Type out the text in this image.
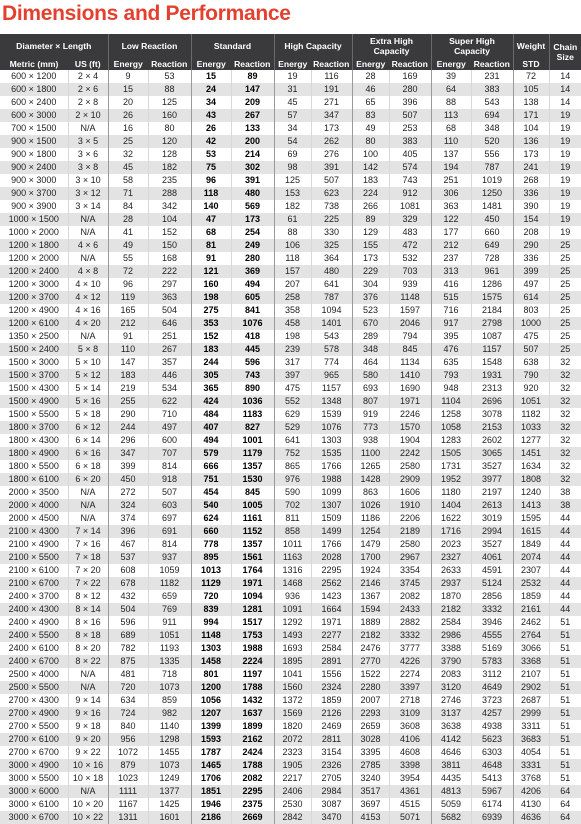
Dimensions and Performance
Diameter × Length		Low Reaction		Standard		High Capacity		Extra High Capacity		Super High Capacity		Weight	Chain Size
Metric (mm)	US (ft)	Energy	Reaction	Energy	Reaction	Energy	Reaction	Energy	Reaction	Energy	Reaction	STD	
600 × 1200	2 × 4	9	53	15	89	19	116	28	169	39	231	72	14
600 × 1800	2 × 6	15	88	24	147	31	191	46	280	64	383	105	14
600 × 2400	2 × 8	20	125	34	209	45	271	65	396	88	543	138	14
600 × 3000	2 × 10	26	160	43	267	57	347	83	507	113	694	171	19
700 × 1500	N/A	16	80	26	133	34	173	49	253	68	348	104	19
900 × 1500	3 × 5	25	120	42	200	54	262	80	383	110	520	136	19
900 × 1800	3 × 6	32	128	53	214	69	276	100	405	137	556	173	19
900 × 2400	3 × 8	45	182	75	302	98	391	142	574	194	787	241	19
900 × 3000	3 × 10	58	235	96	391	125	507	183	743	251	1019	268	19
900 × 3700	3 × 12	71	288	118	480	153	623	224	912	306	1250	336	19
900 × 3900	3 × 14	84	342	140	569	182	738	266	1081	363	1481	390	19
1000 × 1500	N/A	28	104	47	173	61	225	89	329	122	450	154	19
1000 × 2000	N/A	41	152	68	254	88	330	129	483	177	660	208	19
1200 × 1800	4 × 6	49	150	81	249	106	325	155	472	212	649	290	25
1200 × 2000	N/A	55	168	91	280	118	364	173	532	237	728	336	25
1200 × 2400	4 × 8	72	222	121	369	157	480	229	703	313	961	399	25
1200 × 3000	4 × 10	96	297	160	494	207	641	304	939	416	1286	497	25
1200 × 3700	4 × 12	119	363	198	605	258	787	376	1148	515	1575	614	25
1200 × 4900	4 × 16	165	504	275	841	358	1094	523	1597	716	2184	803	25
1200 × 6100	4 × 20	212	646	353	1076	458	1401	670	2046	917	2798	1000	25
1350 × 2500	N/A	91	251	152	418	198	543	289	794	395	1087	475	25
1500 × 2400	5 × 8	110	267	183	445	239	578	348	845	476	1157	507	25
1500 × 3000	5 × 10	147	357	244	596	317	774	464	1134	635	1548	638	32
1500 × 3700	5 × 12	183	446	305	743	397	965	580	1410	793	1931	790	32
1500 × 4300	5 × 14	219	534	365	890	475	1157	693	1690	948	2313	920	32
1500 × 4900	5 × 16	255	622	424	1036	552	1348	807	1971	1104	2696	1051	32
1500 × 5500	5 × 18	290	710	484	1183	629	1539	919	2246	1258	3078	1182	32
1800 × 3700	6 × 12	244	497	407	827	529	1076	773	1570	1058	2153	1033	32
1800 × 4300	6 × 14	296	600	494	1001	641	1303	938	1904	1283	2602	1277	32
1800 × 4900	6 × 16	347	707	579	1179	752	1535	1100	2242	1505	3065	1451	32
1800 × 5500	6 × 18	399	814	666	1357	865	1766	1265	2580	1731	3527	1634	32
1800 × 6100	6 × 20	450	918	751	1530	976	1988	1428	2909	1952	3977	1808	32
2000 × 3500	N/A	272	507	454	845	590	1099	863	1606	1180	2197	1240	38
2000 × 4000	N/A	324	603	540	1005	702	1307	1026	1910	1404	2613	1413	38
2000 × 4500	N/A	374	697	624	1161	811	1509	1186	2206	1622	3019	1595	44
2100 × 4300	7 × 14	396	691	660	1152	858	1499	1254	2189	1716	2994	1615	44
2100 × 4900	7 × 16	467	814	778	1357	1011	1766	1479	2580	2023	3527	1849	44
2100 × 5500	7 × 18	537	937	895	1561	1163	2028	1700	2967	2327	4061	2074	44
2100 × 6100	7 × 20	608	1059	1013	1764	1316	2295	1924	3354	2633	4591	2307	44
2100 × 6700	7 × 22	678	1182	1129	1971	1468	2562	2146	3745	2937	5124	2532	44
2400 × 3700	8 × 12	432	659	720	1094	936	1423	1367	2082	1870	2856	1859	44
2400 × 4300	8 × 14	504	769	839	1281	1091	1664	1594	2433	2182	3332	2161	44
2400 × 4900	8 × 16	596	911	994	1517	1292	1971	1889	2882	2584	3946	2462	51
2400 × 5500	8 × 18	689	1051	1148	1753	1493	2277	2182	3332	2986	4555	2764	51
2400 × 6100	8 × 20	782	1193	1303	1988	1693	2584	2476	3777	3388	5169	3066	51
2400 × 6700	8 × 22	875	1335	1458	2224	1895	2891	2770	4226	3790	5783	3368	51
2500 × 4000	N/A	481	718	801	1197	1041	1556	1522	2274	2083	3112	2107	51
2500 × 5500	N/A	720	1073	1200	1788	1560	2324	2280	3397	3120	4649	2902	51
2700 × 4300	9 × 14	634	859	1056	1432	1372	1859	2007	2718	2746	3723	2687	51
2700 × 4900	9 × 16	724	982	1207	1637	1569	2126	2293	3109	3137	4257	2999	51
2700 × 5500	9 × 18	840	1140	1399	1899	1820	2469	2659	3608	3638	4938	3311	51
2700 × 6100	9 × 20	956	1298	1593	2162	2072	2811	3028	4106	4142	5623	3683	51
2700 × 6700	9 × 22	1072	1455	1787	2424	2323	3154	3395	4608	4646	6303	4054	51
3000 × 4900	10 × 16	879	1073	1465	1788	1905	2326	2785	3398	3811	4648	3331	51
3000 × 5500	10 × 18	1023	1249	1706	2082	2217	2705	3240	3954	4435	5413	3768	51
3000 × 6000	N/A	1111	1377	1851	2295	2406	2984	3517	4361	4813	5967	4206	64
3000 × 6100	10 × 20	1167	1425	1946	2375	2530	3087	3697	4515	5059	6174	4130	64
3000 × 6700	10 × 22	1311	1601	2186	2669	2842	3470	4153	5071	5682	6939	4636	64
